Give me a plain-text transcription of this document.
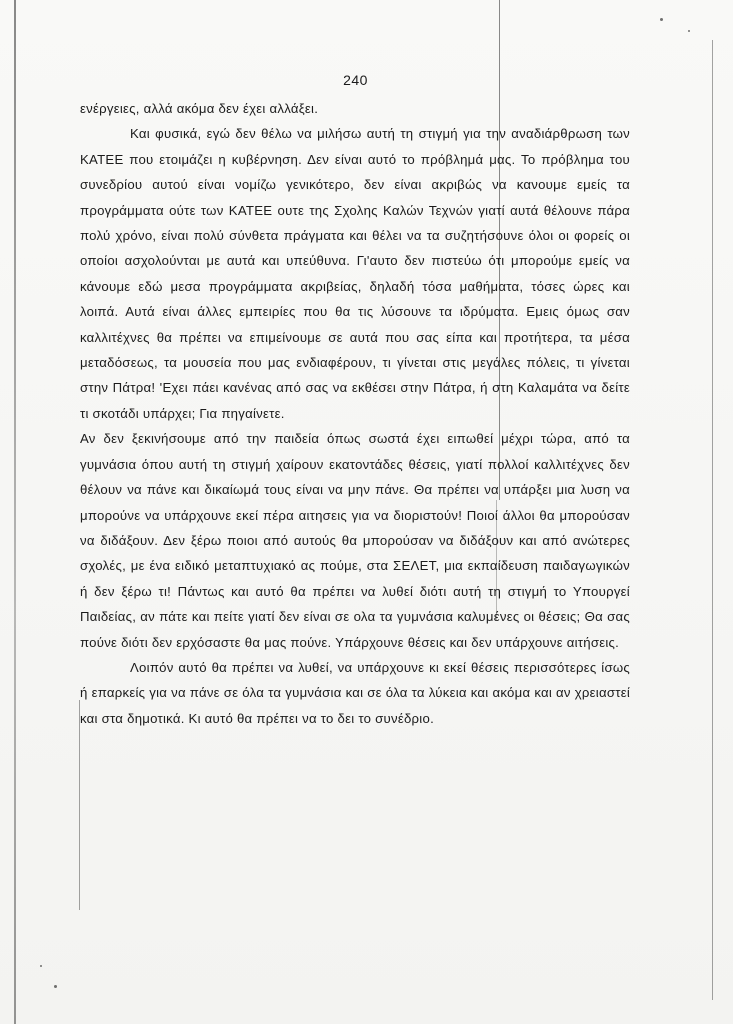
240

ενέργειες, αλλά ακόμα δεν έχει αλλάξει.

Και φυσικά, εγώ δεν θέλω να μιλήσω αυτή τη στιγμή για την αναδιάρθρωση των ΚΑΤΕΕ που ετοιμάζει η κυβέρνηση. Δεν είναι αυτό το πρόβλημά μας. Το πρόβλημα του συνεδρίου αυτού είναι νομίζω γενικότερο, δεν είναι ακριβώς να κανουμε εμείς τα προγράμματα ούτε των ΚΑΤΕΕ ουτε της Σχολης Καλών Τεχνών γιατί αυτά θέλουνε πάρα πολύ χρόνο, είναι πολύ σύνθετα πράγματα και θέλει να τα συζητήσουνε όλοι οι φορείς οι οποίοι ασχολούνται με αυτά και υπεύθυνα. Γι'αυτο δεν πιστεύω ότι μπορούμε εμείς να κάνουμε εδώ μεσα προγράμματα ακριβείας, δηλαδή τόσα μαθήματα, τόσες ώρες και λοιπά. Αυτά είναι άλλες εμπειρίες που θα τις λύσουνε τα ιδρύματα. Εμεις όμως σαν καλλιτέχνες θα πρέπει να επιμείνουμε σε αυτά που σας είπα και προτήτερα, τα μέσα μεταδόσεως, τα μουσεία που μας ενδιαφέρουν, τι γίνεται στις μεγάλες πόλεις, τι γίνεται στην Πάτρα! 'Εχει πάει κανένας από σας να εκθέσει στην Πάτρα, ή στη Καλαμάτα να δείτε τι σκοτάδι υπάρχει; Για πηγαίνετε.

Αν δεν ξεκινήσουμε από την παιδεία όπως σωστά έχει ειπωθεί μέχρι τώρα, από τα γυμνάσια όπου αυτή τη στιγμή χαίρουν εκατοντάδες θέσεις, γιατί πολλοί καλλιτέχνες δεν θέλουν να πάνε και δικαίωμά τους είναι να μην πάνε. Θα πρέπει να υπάρξει μια λυση να μπορούνε να υπάρχουνε εκεί πέρα αιτησεις για να διοριστούν! Ποιοί άλλοι θα μπορούσαν να διδάξουν. Δεν ξέρω ποιοι από αυτούς θα μπορούσαν να διδάξουν και από ανώτερες σχολές, με ένα ειδικό μεταπτυχιακό ας πούμε, στα ΣΕΛΕΤ, μια εκπαίδευση παιδαγωγικών ή δεν ξέρω τι! Πάντως και αυτό θα πρέπει να λυθεί διότι αυτή τη στιγμή το Υπουργεί Παιδείας, αν πάτε και πείτε γιατί δεν είναι σε ολα τα γυμνάσια καλυμένες οι θέσεις; Θα σας πούνε διότι δεν ερχόσαστε θα μας πούνε. Υπάρχουνε θέσεις και δεν υπάρχουνε αιτήσεις.

Λοιπόν αυτό θα πρέπει να λυθεί, να υπάρχουνε κι εκεί θέσεις περισσότερες ίσως ή επαρκείς για να πάνε σε όλα τα γυμνάσια και σε όλα τα λύκεια και ακόμα και αν χρειαστεί και στα δημοτικά. Κι αυτό θα πρέπει να το δει το συνέδριο.
